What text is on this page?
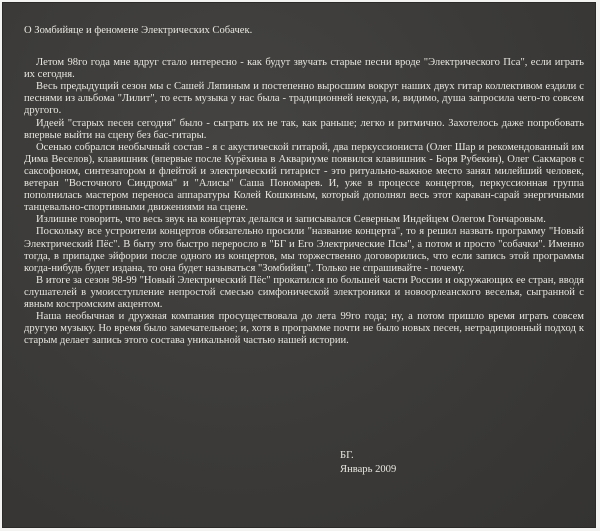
О Зомбийяце и феномене Электрических Собачек.

Летом 98го года мне вдруг стало интересно - как будут звучать старые песни вроде "Электрического Пса", если играть их сегодня.

Весь предыдущий сезон мы с Сашей Ляпиным и постепенно выросшим вокруг наших двух гитар коллективом ездили с песнями из альбома "Лилит", то есть музыка у нас была - традиционней некуда, и, видимо, душа запросила чего-то совсем другого.

Идеей "старых песен сегодня" было - сыграть их не так, как раньше; легко и ритмично. Захотелось даже попробовать впервые выйти на сцену без бас-гитары.

Осенью собрался необычный состав - я с акустической гитарой, два перкуссиониста (Олег Шар и рекомендованный им Дима Веселов), клавишник (впервые после Курёхина в Аквариуме появился клавишник - Боря Рубекин), Олег Сакмаров с саксофоном, синтезатором и флейтой и электрический гитарист - это ритуально-важное место занял милейший человек, ветеран "Восточного Синдрома" и "Алисы" Саша Пономарев. И, уже в процессе концертов, перкуссионная группа пополнилась мастером переноса аппаратуры Колей Кошкиным, который дополнял весь этот караван-сарай энергичными танцевально-спортивными движениями на сцене.

Излишне говорить, что весь звук на концертах делался и записывался Северным Индейцем Олегом Гончаровым.

Поскольку все устроители концертов обязательно просили "название концерта", то я решил назвать программу "Новый Электрический Пёс". В быту это быстро переросло в "БГ и Его Электрические Псы", а потом и просто "собачки". Именно тогда, в припадке эйфории после одного из концертов, мы торжественно договорились, что если запись этой программы когда-нибудь будет издана, то она будет называться "Зомбийяц". Только не спрашивайте - почему.

В итоге за сезон 98-99 "Новый Электрический Пёс" прокатился по большей части России и окружающих ее стран, вводя слушателей в умоисступление непростой смесью симфонической электроники и новоорлеанского веселья, сыгранной с явным костромским акцентом.

Наша необычная и дружная компания просуществовала до лета 99го года; ну, а потом пришло время играть совсем другую музыку. Но время было замечательное; и, хотя в программе почти не было новых песен, нетрадиционный подход к старым делает запись этого состава уникальной частью нашей истории.

БГ.
Январь 2009
